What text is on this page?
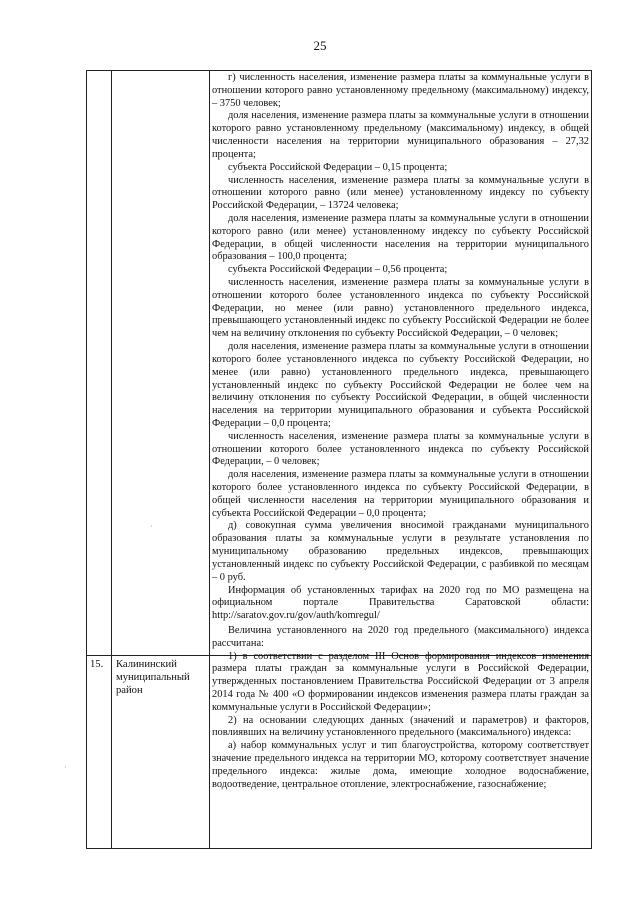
25
15. Калининский муниципальный район

г) численность населения, изменение размера платы за коммунальные услуги в отношении которого равно установленному предельному (максимальному) индексу, – 3750 человек;

доля населения, изменение размера платы за коммунальные услуги в отношении которого равно установленному предельному (максимальному) индексу, в общей численности населения на территории муниципального образования – 27,32 процента;

субъекта Российской Федерации – 0,15 процента;

численность населения, изменение размера платы за коммунальные услуги в отношении которого равно (или менее) установленному индексу по субъекту Российской Федерации, – 13724 человека;

доля населения, изменение размера платы за коммунальные услуги в отношении которого равно (или менее) установленному индексу по субъекту Российской Федерации, в общей численности населения на территории муниципального образования – 100,0 процента;

субъекта Российской Федерации – 0,56 процента;

численность населения, изменение размера платы за коммунальные услуги в отношении которого более установленного индекса по субъекту Российской Федерации, но менее (или равно) установленного предельного индекса, превышающего установленный индекс по субъекту Российской Федерации не более чем на величину отклонения по субъекту Российской Федерации, – 0 человек;

доля населения, изменение размера платы за коммунальные услуги в отношении которого более установленного индекса по субъекту Российской Федерации, но менее (или равно) установленного предельного индекса, превышающего установленный индекс по субъекту Российской Федерации не более чем на величину отклонения по субъекту Российской Федерации, в общей численности населения на территории муниципального образования и субъекта Российской Федерации – 0,0 процента;

численность населения, изменение размера платы за коммунальные услуги в отношении которого более установленного индекса по субъекту Российской Федерации, – 0 человек;

доля населения, изменение размера платы за коммунальные услуги в отношении которого более установленного индекса по субъекту Российской Федерации, в общей численности населения на территории муниципального образования и субъекта Российской Федерации – 0,0 процента;

д) совокупная сумма увеличения вносимой гражданами муниципального образования платы за коммунальные услуги в результате установления по муниципальному образованию предельных индексов, превышающих установленный индекс по субъекту Российской Федерации, с разбивкой по месяцам – 0 руб.

Информация об установленных тарифах на 2020 год по МО размещена на официальном портале Правительства Саратовской области: http://saratov.gov.ru/gov/auth/komregul/

Величина установленного на 2020 год предельного (максимального) индекса рассчитана:

1) в соответствии с разделом III Основ формирования индексов изменения размера платы граждан за коммунальные услуги в Российской Федерации, утвержденных постановлением Правительства Российской Федерации от 3 апреля 2014 года № 400 «О формировании индексов изменения размера платы граждан за коммунальные услуги в Российской Федерации»;

2) на основании следующих данных (значений и параметров) и факторов, повлиявших на величину установленного предельного (максимального) индекса:

а) набор коммунальных услуг и тип благоустройства, которому соответствует значение предельного индекса на территории МО, которому соответствует значение предельного индекса: жилые дома, имеющие холодное водоснабжение, водоотведение, центральное отопление, электроснабжение, газоснабжение;

·
·
